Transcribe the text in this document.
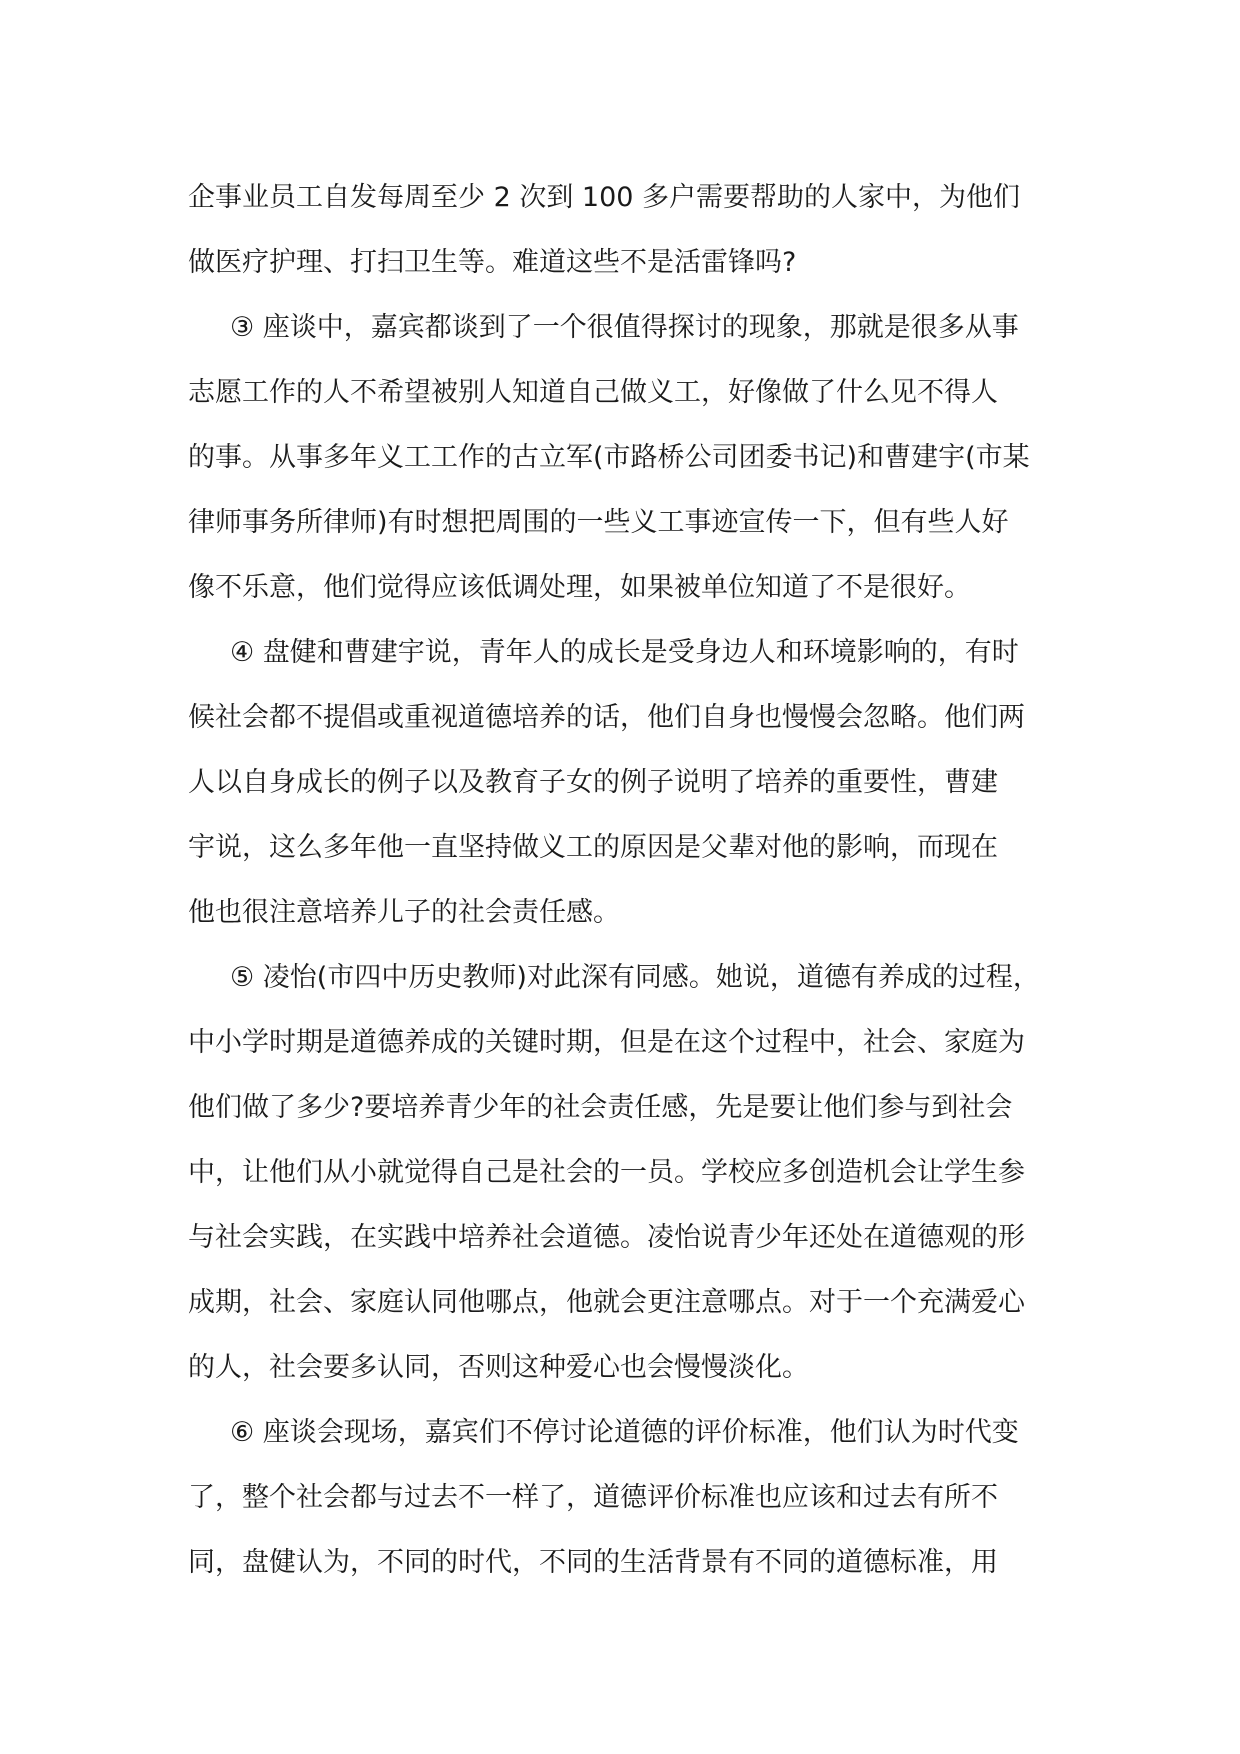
企事业员工自发每周至少 2 次到 100 多户需要帮助的人家中，为他们
做医疗护理、打扫卫生等。难道这些不是活雷锋吗?
③ 座谈中，嘉宾都谈到了一个很值得探讨的现象，那就是很多从事
志愿工作的人不希望被别人知道自己做义工，好像做了什么见不得人
的事。从事多年义工工作的古立军(市路桥公司团委书记)和曹建宇(市某
律师事务所律师)有时想把周围的一些义工事迹宣传一下，但有些人好
像不乐意，他们觉得应该低调处理，如果被单位知道了不是很好。
④ 盘健和曹建宇说，青年人的成长是受身边人和环境影响的，有时
候社会都不提倡或重视道德培养的话，他们自身也慢慢会忽略。他们两
人以自身成长的例子以及教育子女的例子说明了培养的重要性，曹建
宇说，这么多年他一直坚持做义工的原因是父辈对他的影响，而现在
他也很注意培养儿子的社会责任感。
⑤ 凌怡(市四中历史教师)对此深有同感。她说，道德有养成的过程，
中小学时期是道德养成的关键时期，但是在这个过程中，社会、家庭为
他们做了多少?要培养青少年的社会责任感，先是要让他们参与到社会
中，让他们从小就觉得自己是社会的一员。学校应多创造机会让学生参
与社会实践，在实践中培养社会道德。凌怡说青少年还处在道德观的形
成期，社会、家庭认同他哪点，他就会更注意哪点。对于一个充满爱心
的人，社会要多认同，否则这种爱心也会慢慢淡化。
⑥ 座谈会现场，嘉宾们不停讨论道德的评价标准，他们认为时代变
了，整个社会都与过去不一样了，道德评价标准也应该和过去有所不
同，盘健认为，不同的时代，不同的生活背景有不同的道德标准，用
